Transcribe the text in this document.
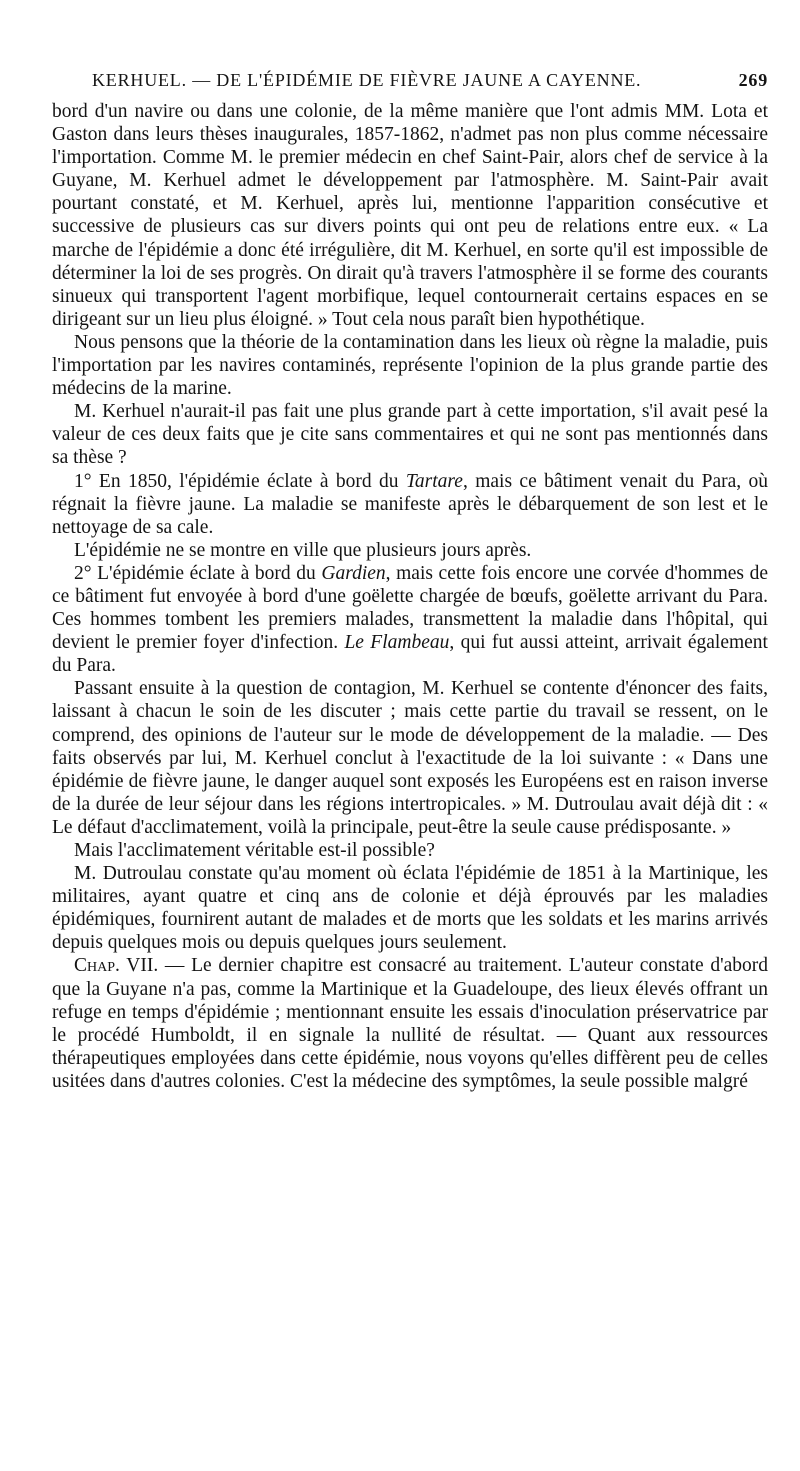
KERHUEL. — DE L'ÉPIDÉMIE DE FIÈVRE JAUNE A CAYENNE.	269

bord d'un navire ou dans une colonie, de la même manière que l'ont admis MM. Lota et Gaston dans leurs thèses inaugurales, 1857-1862, n'admet pas non plus comme nécessaire l'importation. Comme M. le premier médecin en chef Saint-Pair, alors chef de service à la Guyane, M. Kerhuel admet le développement par l'atmosphère. M. Saint-Pair avait pourtant constaté, et M. Kerhuel, après lui, mentionne l'apparition consécutive et successive de plusieurs cas sur divers points qui ont peu de relations entre eux. « La marche de l'épidémie a donc été irrégulière, dit M. Kerhuel, en sorte qu'il est impossible de déterminer la loi de ses progrès. On dirait qu'à travers l'atmosphère il se forme des courants sinueux qui transportent l'agent morbifique, lequel contournerait certains espaces en se dirigeant sur un lieu plus éloigné. » Tout cela nous paraît bien hypothétique.

Nous pensons que la théorie de la contamination dans les lieux où règne la maladie, puis l'importation par les navires contaminés, représente l'opinion de la plus grande partie des médecins de la marine.

M. Kerhuel n'aurait-il pas fait une plus grande part à cette importation, s'il avait pesé la valeur de ces deux faits que je cite sans commentaires et qui ne sont pas mentionnés dans sa thèse ?

1° En 1850, l'épidémie éclate à bord du Tartare, mais ce bâtiment venait du Para, où régnait la fièvre jaune. La maladie se manifeste après le débarquement de son lest et le nettoyage de sa cale.

L'épidémie ne se montre en ville que plusieurs jours après.

2° L'épidémie éclate à bord du Gardien, mais cette fois encore une corvée d'hommes de ce bâtiment fut envoyée à bord d'une goëlette chargée de bœufs, goëlette arrivant du Para. Ces hommes tombent les premiers malades, transmettent la maladie dans l'hôpital, qui devient le premier foyer d'infection. Le Flambeau, qui fut aussi atteint, arrivait également du Para.

Passant ensuite à la question de contagion, M. Kerhuel se contente d'énoncer des faits, laissant à chacun le soin de les discuter ; mais cette partie du travail se ressent, on le comprend, des opinions de l'auteur sur le mode de développement de la maladie. — Des faits observés par lui, M. Kerhuel conclut à l'exactitude de la loi suivante : « Dans une épidémie de fièvre jaune, le danger auquel sont exposés les Européens est en raison inverse de la durée de leur séjour dans les régions intertropicales. » M. Dutroulau avait déjà dit : « Le défaut d'acclimatement, voilà la principale, peut-être la seule cause prédisposante. »

Mais l'acclimatement véritable est-il possible?

M. Dutroulau constate qu'au moment où éclata l'épidémie de 1851 à la Martinique, les militaires, ayant quatre et cinq ans de colonie et déjà éprouvés par les maladies épidémiques, fournirent autant de malades et de morts que les soldats et les marins arrivés depuis quelques mois ou depuis quelques jours seulement.

Chap. VII. — Le dernier chapitre est consacré au traitement. L'auteur constate d'abord que la Guyane n'a pas, comme la Martinique et la Guadeloupe, des lieux élevés offrant un refuge en temps d'épidémie ; mentionnant ensuite les essais d'inoculation préservatrice par le procédé Humboldt, il en signale la nullité de résultat. — Quant aux ressources thérapeutiques employées dans cette épidémie, nous voyons qu'elles diffèrent peu de celles usitées dans d'autres colonies. C'est la médecine des symptômes, la seule possible malgré
